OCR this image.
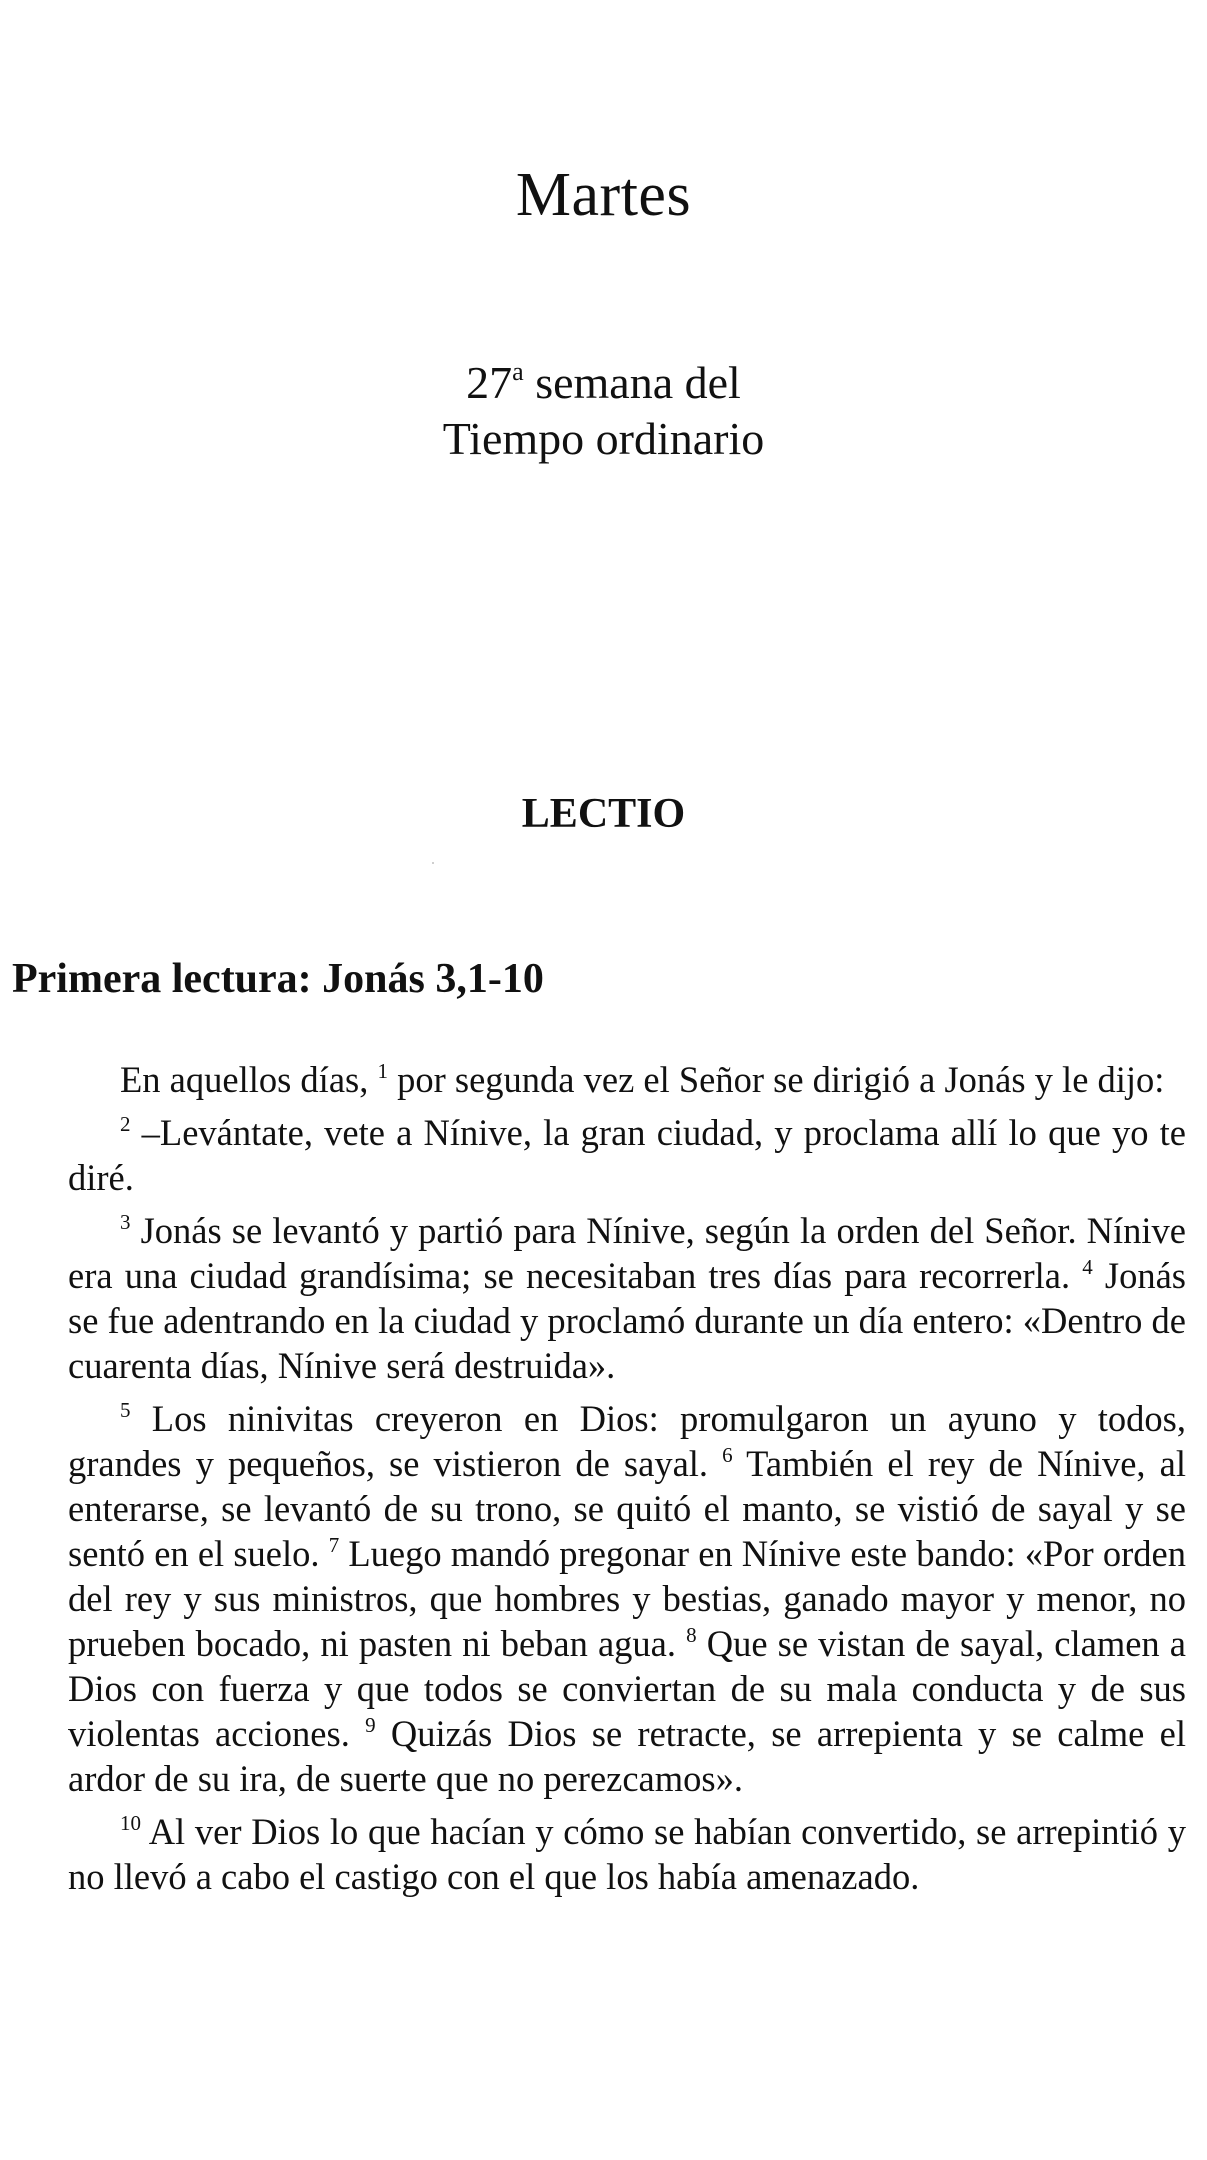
Martes
27$^a$ semana del
Tiempo ordinario
LECTIO
Primera lectura: Jonás 3,1-10

En aquellos días, $^1$ por segunda vez el Señor se dirigió a Jonás y le dijo:

$^2$ –Levántate, vete a Nínive, la gran ciudad, y proclama allí lo que yo te diré.

$^3$ Jonás se levantó y partió para Nínive, según la orden del Señor. Nínive era una ciudad grandísima; se necesitaban tres días para recorrerla. $^4$ Jonás se fue adentrando en la ciudad y proclamó durante un día entero: «Dentro de cuarenta días, Nínive será destruida».

$^5$ Los ninivitas creyeron en Dios: promulgaron un ayuno y todos, grandes y pequeños, se vistieron de sayal. $^6$ También el rey de Nínive, al enterarse, se levantó de su trono, se quitó el manto, se vistió de sayal y se sentó en el suelo. $^7$ Luego mandó pregonar en Nínive este bando: «Por orden del rey y sus ministros, que hombres y bestias, ganado mayor y menor, no prueben bocado, ni pasten ni beban agua. $^8$ Que se vistan de sayal, clamen a Dios con fuerza y que todos se conviertan de su mala conducta y de sus violentas acciones. $^9$ Quizás Dios se retracte, se arrepienta y se calme el ardor de su ira, de suerte que no perezcamos».

$^{10}$ Al ver Dios lo que hacían y cómo se habían convertido, se arrepintió y no llevó a cabo el castigo con el que los había amenazado.
